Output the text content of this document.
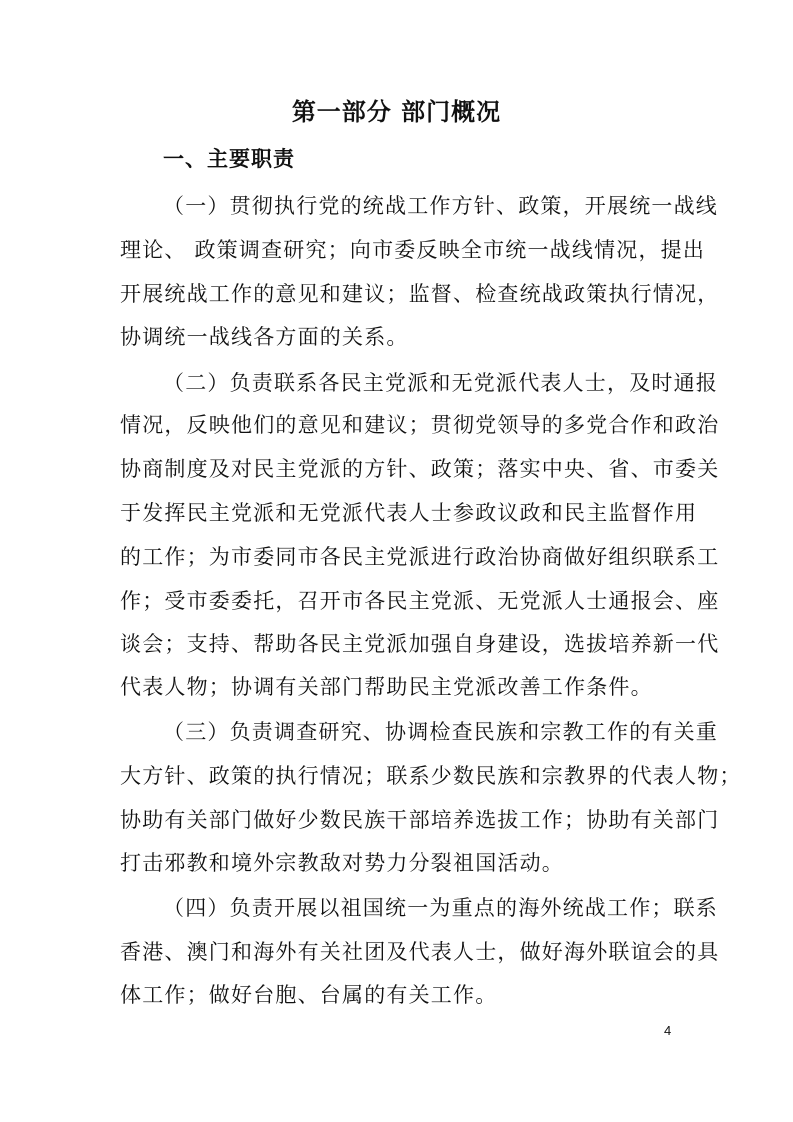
第一部分 部门概况
一、主要职责
（一）贯彻执行党的统战工作方针、政策，开展统一战线
理论、 政策调查研究；向市委反映全市统一战线情况，提出
开展统战工作的意见和建议；监督、检查统战政策执行情况，
协调统一战线各方面的关系。
（二）负责联系各民主党派和无党派代表人士，及时通报
情况，反映他们的意见和建议；贯彻党领导的多党合作和政治
协商制度及对民主党派的方针、政策；落实中央、省、市委关
于发挥民主党派和无党派代表人士参政议政和民主监督作用
的工作；为市委同市各民主党派进行政治协商做好组织联系工
作；受市委委托，召开市各民主党派、无党派人士通报会、座
谈会；支持、帮助各民主党派加强自身建设，选拔培养新一代
代表人物；协调有关部门帮助民主党派改善工作条件。
（三）负责调查研究、协调检查民族和宗教工作的有关重
大方针、政策的执行情况；联系少数民族和宗教界的代表人物；
协助有关部门做好少数民族干部培养选拔工作；协助有关部门
打击邪教和境外宗教敌对势力分裂祖国活动。
（四）负责开展以祖国统一为重点的海外统战工作；联系
香港、澳门和海外有关社团及代表人士，做好海外联谊会的具
体工作；做好台胞、台属的有关工作。
4
